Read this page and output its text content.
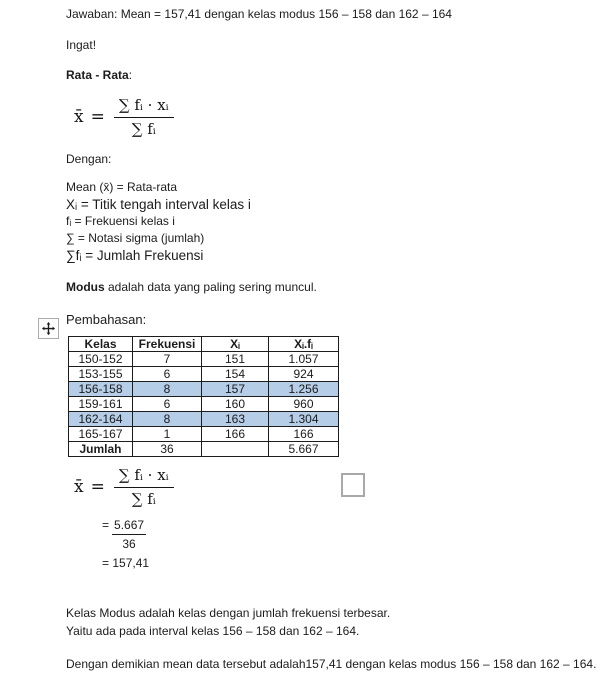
Jawaban: Mean = 157,41 dengan kelas modus 156 – 158 dan 162 – 164
Ingat!
Rata - Rata:
x̄ = $\frac{\text{∑ fᵢ · xᵢ}}{\text{∑ fᵢ}}$
Dengan:
Mean (x̄) = Rata-rata
Xᵢ = Titik tengah interval kelas i
fᵢ = Frekuensi kelas i
∑ = Notasi sigma (jumlah)
∑fᵢ = Jumlah Frekuensi
Modus adalah data yang paling sering muncul.
Pembahasan:
Kelas	Frekuensi	Xᵢ	Xᵢ.fᵢ
150-152	7	151	1.057
153-155	6	154	924
156-158	8	157	1.256
159-161	6	160	960
162-164	8	163	1.304
165-167	1	166	166
Jumlah	36		5.667
x̄ = $\frac{\text{∑ fᵢ · xᵢ}}{\text{∑ fᵢ}}$
= $\frac{5.667}{36}$
= 157,41
Kelas Modus adalah kelas dengan jumlah frekuensi terbesar.
Yaitu ada pada interval kelas 156 – 158 dan 162 – 164.
Dengan demikian mean data tersebut adalah157,41 dengan kelas modus 156 – 158 dan 162 – 164.
